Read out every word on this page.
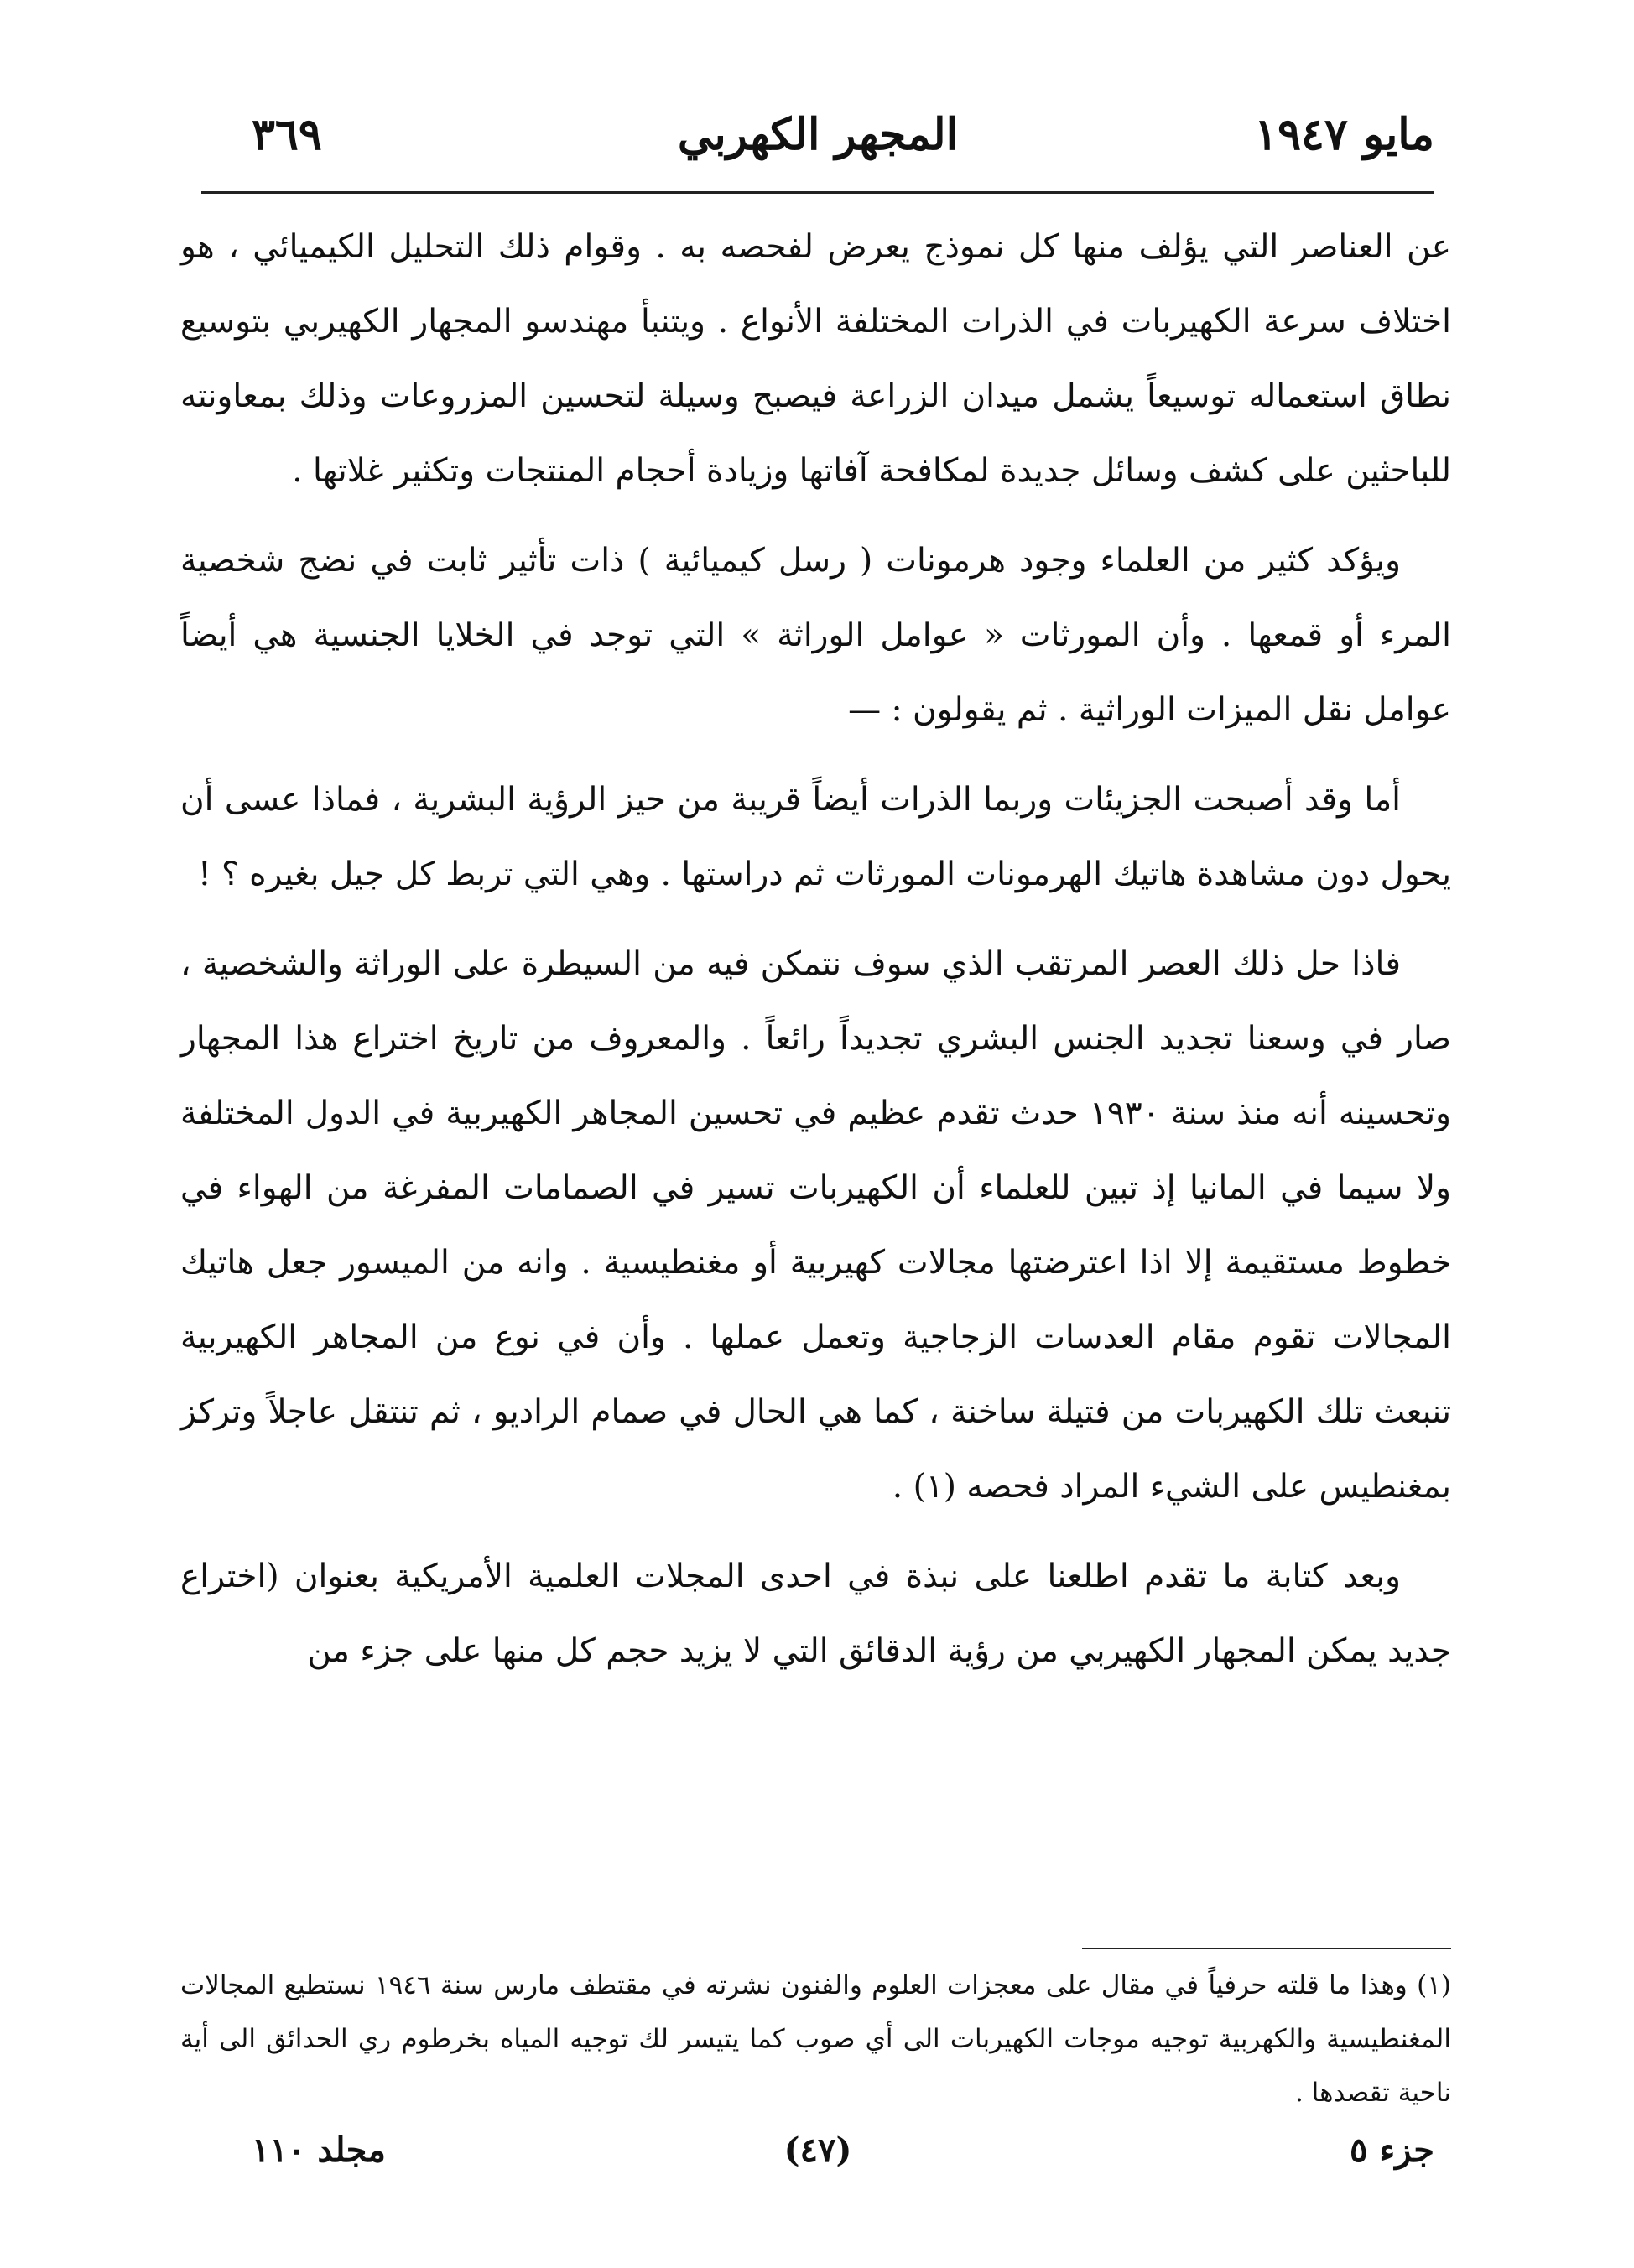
مايو ١٩٤٧
المجهر الكهربي
٣٦٩

عن العناصر التي يؤلف منها كل نموذج يعرض لفحصه به . وقوام ذلك التحليل الكيميائي ، هو اختلاف سرعة الكهيربات في الذرات المختلفة الأنواع . ويتنبأ مهندسو المجهار الكهيربي بتوسيع نطاق استعماله توسيعاً يشمل ميدان الزراعة فيصبح وسيلة لتحسين المزروعات وذلك بمعاونته للباحثين على كشف وسائل جديدة لمكافحة آفاتها وزيادة أحجام المنتجات وتكثير غلاتها .

ويؤكد كثير من العلماء وجود هرمونات ( رسل كيميائية ) ذات تأثير ثابت في نضج شخصية المرء أو قمعها . وأن المورثات « عوامل الوراثة » التي توجد في الخلايا الجنسية هي أيضاً عوامل نقل الميزات الوراثية . ثم يقولون : —

أما وقد أصبحت الجزيئات وربما الذرات أيضاً قريبة من حيز الرؤية البشرية ، فماذا عسى أن يحول دون مشاهدة هاتيك الهرمونات المورثات ثم دراستها . وهي التي تربط كل جيل بغيره ؟ !

فاذا حل ذلك العصر المرتقب الذي سوف نتمكن فيه من السيطرة على الوراثة والشخصية ، صار في وسعنا تجديد الجنس البشري تجديداً رائعاً . والمعروف من تاريخ اختراع هذا المجهار وتحسينه أنه منذ سنة ١٩٣٠ حدث تقدم عظيم في تحسين المجاهر الكهيربية في الدول المختلفة ولا سيما في المانيا إذ تبين للعلماء أن الكهيربات تسير في الصمامات المفرغة من الهواء في خطوط مستقيمة إلا اذا اعترضتها مجالات كهيربية أو مغنطيسية . وانه من الميسور جعل هاتيك المجالات تقوم مقام العدسات الزجاجية وتعمل عملها . وأن في نوع من المجاهر الكهيربية تنبعث تلك الكهيربات من فتيلة ساخنة ، كما هي الحال في صمام الراديو ، ثم تنتقل عاجلاً وتركز بمغنطيس على الشيء المراد فحصه (١) .

وبعد كتابة ما تقدم اطلعنا على نبذة في احدى المجلات العلمية الأمريكية بعنوان (اختراع جديد يمكن المجهار الكهيربي من رؤية الدقائق التي لا يزيد حجم كل منها على جزء من

(١) وهذا ما قلته حرفياً في مقال على معجزات العلوم والفنون نشرته في مقتطف مارس سنة ١٩٤٦ نستطيع المجالات المغنطيسية والكهربية توجيه موجات الكهيربات الى أي صوب كما يتيسر لك توجيه المياه بخرطوم ري الحدائق الى أية ناحية تقصدها .
جزء ٥
(٤٧)
مجلد ١١٠
